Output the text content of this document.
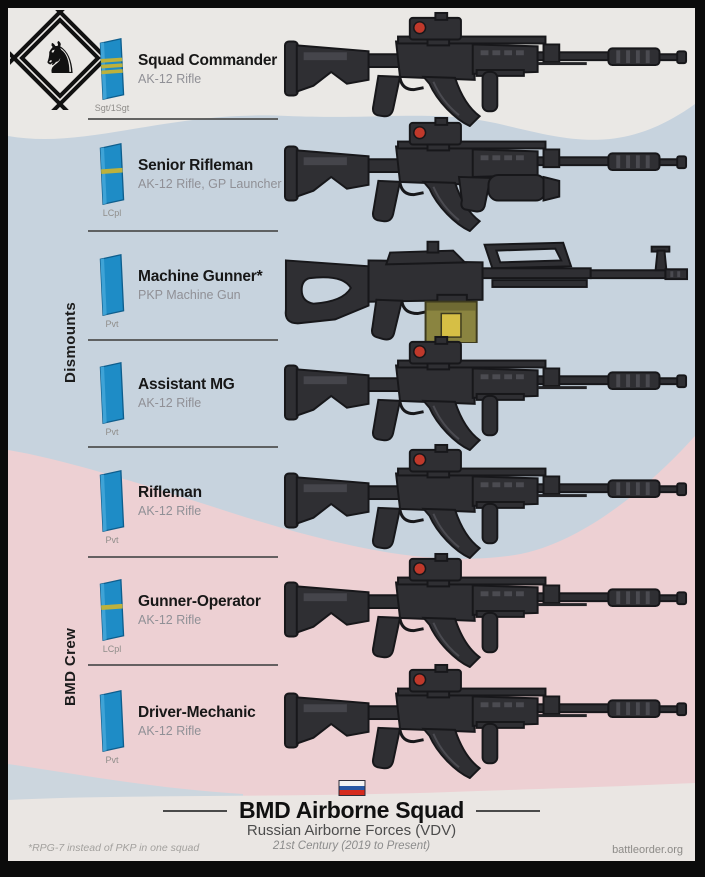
♞
Dismounts
BMD Crew
Sgt/1Sgt
Squad Commander
AK-12 Rifle
LCpl
Senior Rifleman
AK-12 Rifle, GP Launcher
Pvt
Machine Gunner*
PKP Machine Gun
Pvt
Assistant MG
AK-12 Rifle
Pvt
Rifleman
AK-12 Rifle
LCpl
Gunner-Operator
AK-12 Rifle
Pvt
Driver-Mechanic
AK-12 Rifle
BMD Airborne Squad
Russian Airborne Forces (VDV)
21st Century (2019 to Present)
*RPG-7 instead of PKP in one squad	battleorder.org
